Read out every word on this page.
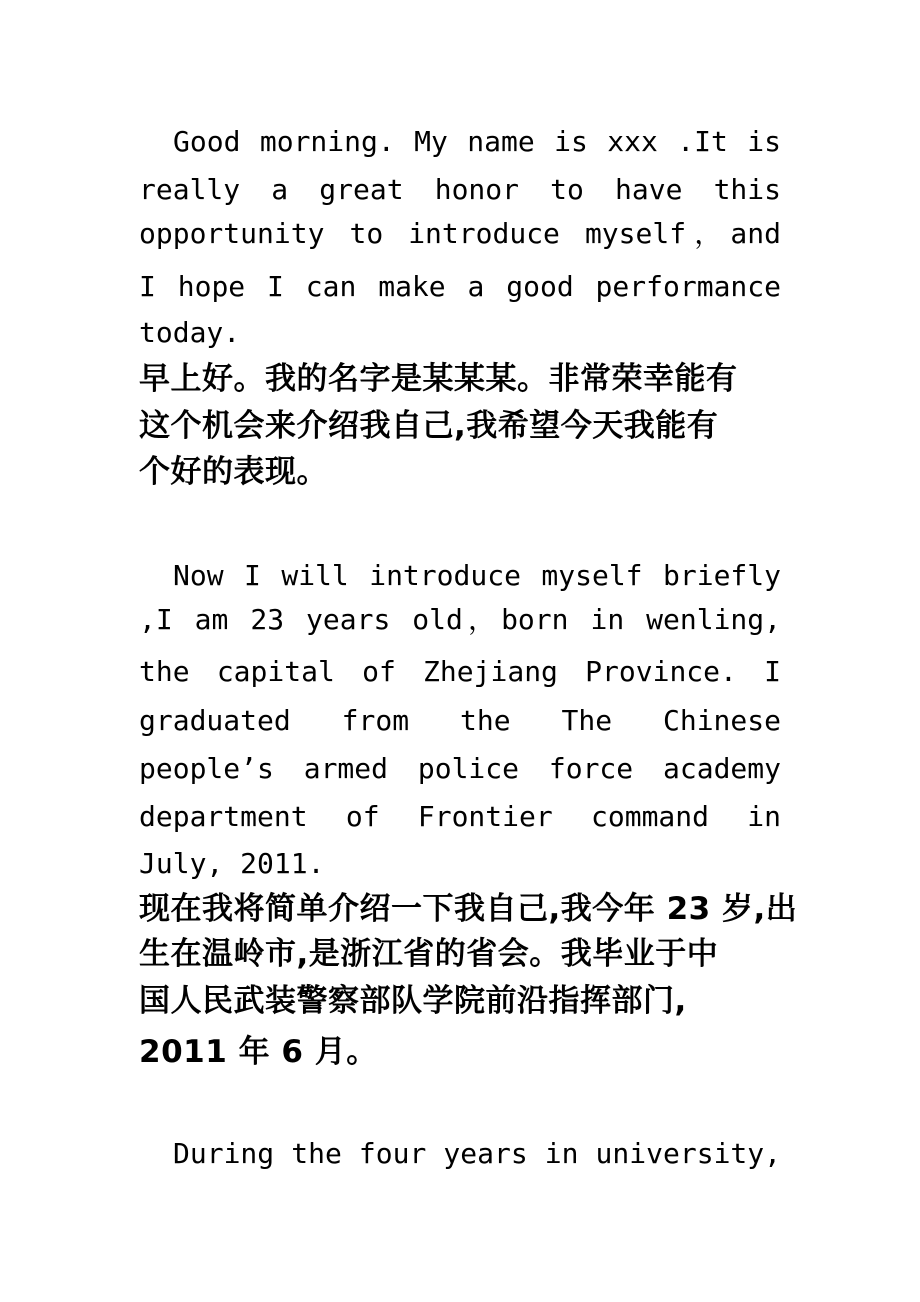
Good morning. My name is xxx .It is
really a great honor to have this
opportunity to introduce myself，and
I hope I can make a good performance
today.
早上好。我的名字是某某某。非常荣幸能有
这个机会来介绍我自己,我希望今天我能有
个好的表现。
Now I will introduce myself briefly
,I am 23 years old，born in wenling,
the capital of Zhejiang Province. I
graduated from the The Chinese
people’s armed police force academy
department of Frontier command in
July, 2011.
现在我将简单介绍一下我自己,我今年 23 岁,出
生在温岭市,是浙江省的省会。我毕业于中
国人民武装警察部队学院前沿指挥部门,
2011 年 6 月。
During the four years in university,
